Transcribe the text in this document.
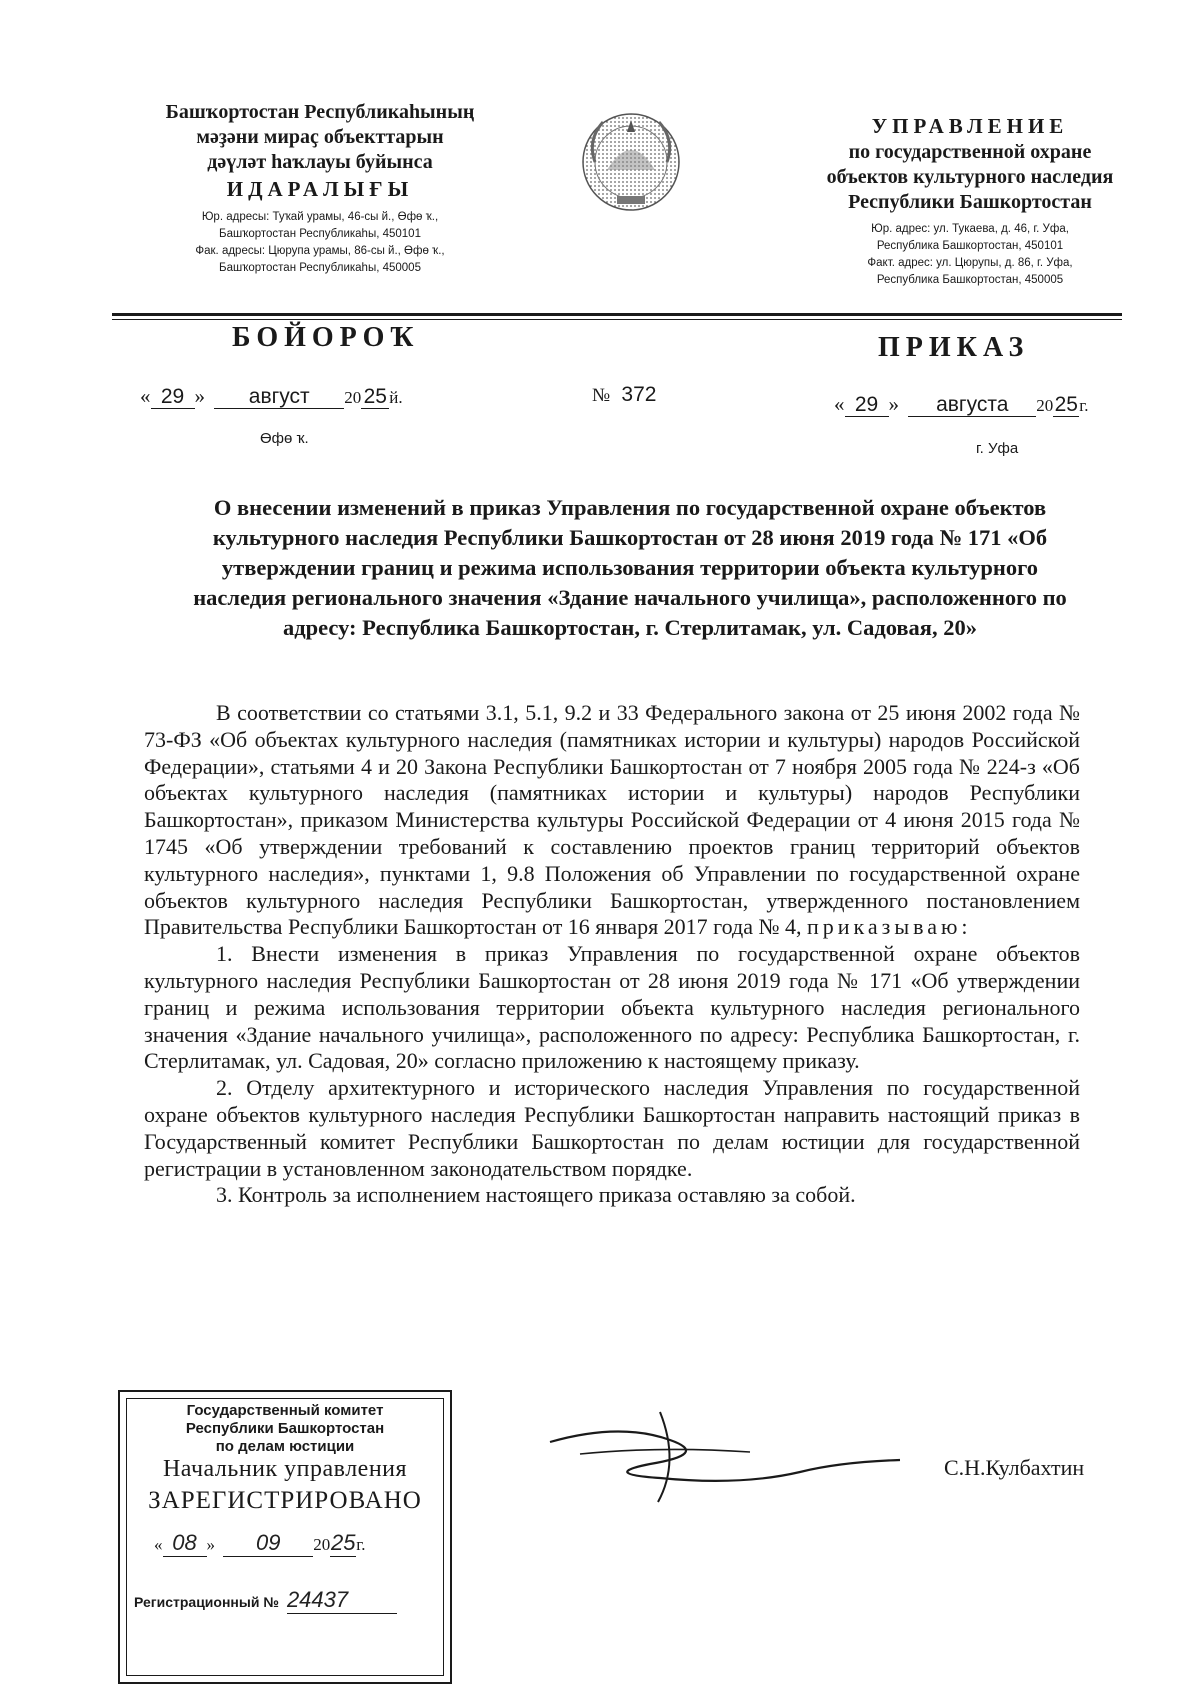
Башҡортостан Республикаһының
мәҙәни мираҫ объекттарын
дәүләт һаҡлауы буйынса
ИДАРАЛЫҒЫ
Юр. адресы: Туҡай урамы, 46-сы й., Өфө ҡ.,
Башҡортостан Республикаһы, 450101
Фак. адресы: Цюрупа урамы, 86-сы й., Өфө ҡ.,
Башҡортостан Республикаһы, 450005
УПРАВЛЕНИЕ
по государственной охране
объектов культурного наследия
Республики Башкортостан
Юр. адрес: ул. Тукаева, д. 46, г. Уфа,
Республика Башкортостан, 450101
Факт. адрес: ул. Цюрупы, д. 86, г. Уфа,
Республика Башкортостан, 450005
БОЙОРОҠ	ПРИКАЗ
« 29 » август 20 25 й.	№ 372	« 29 » августа 2025г.
Өфө ҡ.
г. Уфа
О внесении изменений в приказ Управления по государственной охране объектов культурного наследия Республики Башкортостан от 28 июня 2019 года № 171 «Об утверждении границ и режима использования территории объекта культурного наследия регионального значения «Здание начального училища», расположенного по адресу: Республика Башкортостан, г. Стерлитамак, ул. Садовая, 20»

В соответствии со статьями 3.1, 5.1, 9.2 и 33 Федерального закона от 25 июня 2002 года № 73-ФЗ «Об объектах культурного наследия (памятниках истории и культуры) народов Российской Федерации», статьями 4 и 20 Закона Республики Башкортостан от 7 ноября 2005 года № 224-з «Об объектах культурного наследия (памятниках истории и культуры) народов Республики Башкортостан», приказом Министерства культуры Российской Федерации от 4 июня 2015 года № 1745 «Об утверждении требований к составлению проектов границ территорий объектов культурного наследия», пунктами 1, 9.8 Положения об Управлении по государственной охране объектов культурного наследия Республики Башкортостан, утвержденного постановлением Правительства Республики Башкортостан от 16 января 2017 года № 4, приказываю:

1. Внести изменения в приказ Управления по государственной охране объектов культурного наследия Республики Башкортостан от 28 июня 2019 года № 171 «Об утверждении границ и режима использования территории объекта культурного наследия регионального значения «Здание начального училища», расположенного по адресу: Республика Башкортостан, г. Стерлитамак, ул. Садовая, 20» согласно приложению к настоящему приказу.

2. Отделу архитектурного и исторического наследия Управления по государственной охране объектов культурного наследия Республики Башкортостан направить настоящий приказ в Государственный комитет Республики Башкортостан по делам юстиции для государственной регистрации в установленном законодательством порядке.

3. Контроль за исполнением настоящего приказа оставляю за собой.

С.Н.Кулбахтин
Государственный комитет
Республики Башкортостан
по делам юстиции
Начальник управления
ЗАРЕГИСТРИРОВАНО
« 08 » 09 2025г.
Регистрационный № 24437
